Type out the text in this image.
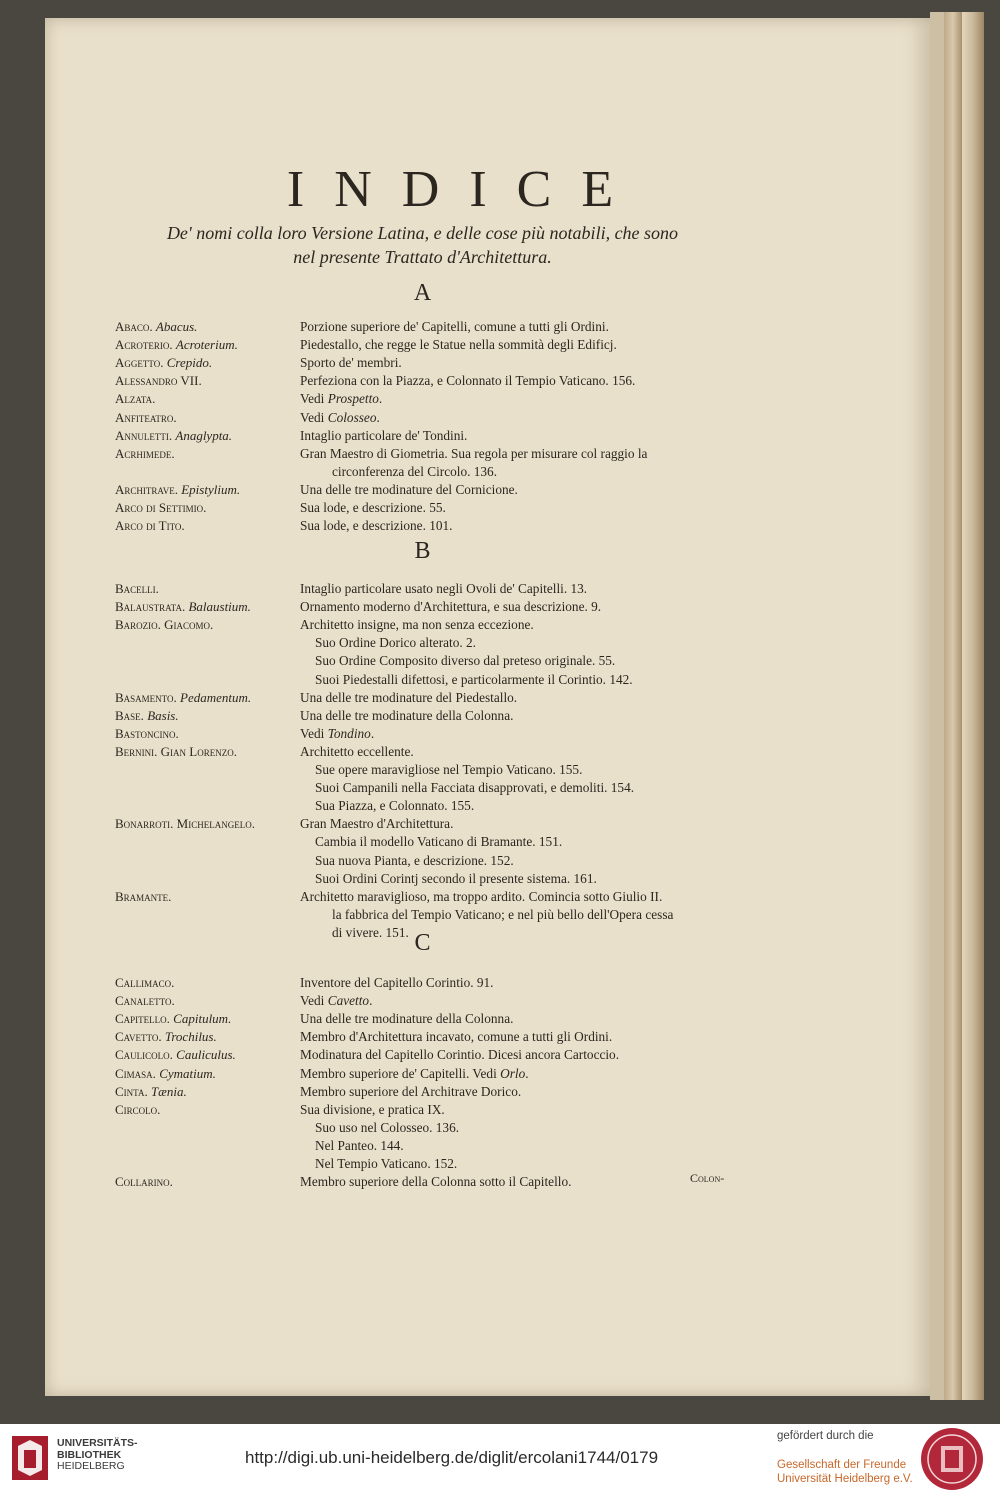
INDICE
De' nomi colla loro Versione Latina, e delle cose più notabili, che sono
nel presente Trattato d'Architettura.
A
Abaco. Abacus.	Porzione superiore de' Capitelli, comune a tutti gli Ordini.
Acroterio. Acroterium.	Piedestallo, che regge le Statue nella sommità degli Edificj.
Aggetto. Crepido.	Sporto de' membri.
Alessandro VII.	Perfeziona con la Piazza, e Colonnato il Tempio Vaticano. 156.
Alzata.	Vedi Prospetto.
Anfiteatro.	Vedi Colosseo.
Annuletti. Anaglypta.	Intaglio particolare de' Tondini.
Acrhimede.	Gran Maestro di Giometria. Sua regola per misurare col raggio la
circonferenza del Circolo. 136.
Architrave. Epistylium.	Una delle tre modinature del Cornicione.
Arco di Settimio.	Sua lode, e descrizione. 55.
Arco di Tito.	Sua lode, e descrizione. 101.
B
Bacelli.	Intaglio particolare usato negli Ovoli de' Capitelli. 13.
Balaustrata. Balaustium.	Ornamento moderno d'Architettura, e sua descrizione. 9.
Barozio. Giacomo.	Architetto insigne, ma non senza eccezione.
Suo Ordine Dorico alterato. 2.
Suo Ordine Composito diverso dal preteso originale. 55.
Suoi Piedestalli difettosi, e particolarmente il Corintio. 142.
Basamento. Pedamentum.	Una delle tre modinature del Piedestallo.
Base. Basis.	Una delle tre modinature della Colonna.
Bastoncino.	Vedi Tondino.
Bernini. Gian Lorenzo.	Architetto eccellente.
Sue opere maravigliose nel Tempio Vaticano. 155.
Suoi Campanili nella Facciata disapprovati, e demoliti. 154.
Sua Piazza, e Colonnato. 155.
Bonarroti. Michelangelo.	Gran Maestro d'Architettura.
Cambia il modello Vaticano di Bramante. 151.
Sua nuova Pianta, e descrizione. 152.
Suoi Ordini Corintj secondo il presente sistema. 161.
Bramante.	Architetto maraviglioso, ma troppo ardito. Comincia sotto Giulio II.
la fabbrica del Tempio Vaticano; e nel più bello dell'Opera cessa
di vivere. 151. C
Callimaco.	Inventore del Capitello Corintio. 91.
Canaletto.	Vedi Cavetto.
Capitello. Capitulum.	Una delle tre modinature della Colonna.
Cavetto. Trochilus.	Membro d'Architettura incavato, comune a tutti gli Ordini.
Caulicolo. Cauliculus.	Modinatura del Capitello Corintio. Dicesi ancora Cartoccio.
Cimasa. Cymatium.	Membro superiore de' Capitelli. Vedi Orlo.
Cinta. Tænia.	Membro superiore del Architrave Dorico.
Circolo.	Sua divisione, e pratica IX.
Suo uso nel Colosseo. 136.
Nel Panteo. 144.
Nel Tempio Vaticano. 152.
Collarino.	Membro superiore della Colonna sotto il Capitello.	Colon-
UNIVERSITÄTS-
BIBLIOTHEK
HEIDELBERG	http://digi.ub.uni-heidelberg.de/diglit/ercolani1744/0179
gefördert durch die
Gesellschaft der Freunde
Universität Heidelberg e.V.
